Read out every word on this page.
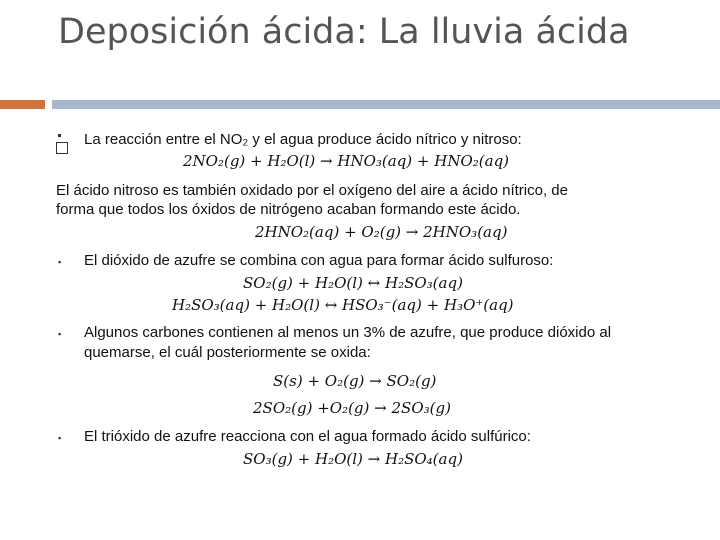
Deposición ácida: La lluvia ácida
La reacción entre el NO₂ y el agua produce ácido nítrico y nitroso:
2NO₂(g) + H₂O(l) → HNO₃(aq) + HNO₂(aq)
El ácido nitroso es también oxidado por el oxígeno del aire a ácido nítrico, de
forma que todos los óxidos de nitrógeno acaban formando este ácido.
2HNO₂(aq) + O₂(g) → 2HNO₃(aq)
▪ El dióxido de azufre se combina con agua para formar ácido sulfuroso:
SO₂(g) + H₂O(l) ↔ H₂SO₃(aq)
H₂SO₃(aq) + H₂O(l) ↔ HSO₃⁻(aq) + H₃O⁺(aq)
▪ Algunos carbones contienen al menos un 3% de azufre, que produce dióxido al
quemarse, el cuál posteriormente se oxida:
S(s) + O₂(g) → SO₂(g)
2SO₂(g) +O₂(g) → 2SO₃(g)
▪ El trióxido de azufre reacciona con el agua formado ácido sulfúrico:
SO₃(g) + H₂O(l) → H₂SO₄(aq)
